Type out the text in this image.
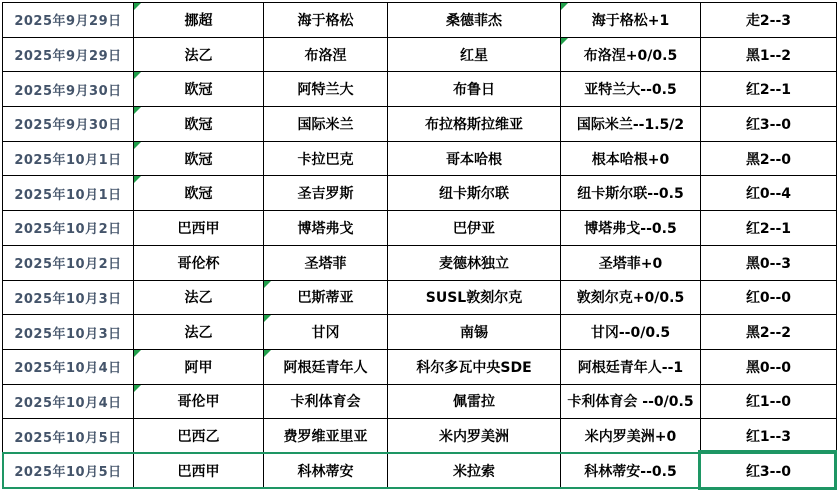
2025年9月29日	挪超	海于格松	桑德菲杰	海于格松+1	走2--3
2025年9月29日	法乙	布洛涅	红星	布洛涅+0/0.5	黑1--2
2025年9月30日	欧冠	阿特兰大	布鲁日	亚特兰大--0.5	红2--1
2025年9月30日	欧冠	国际米兰	布拉格斯拉维亚	国际米兰--1.5/2	红3--0
2025年10月1日	欧冠	卡拉巴克	哥本哈根	根本哈根+0	黑2--0
2025年10月1日	欧冠	圣吉罗斯	纽卡斯尔联	纽卡斯尔联--0.5	红0--4
2025年10月2日	巴西甲	博塔弗戈	巴伊亚	博塔弗戈--0.5	红2--1
2025年10月2日	哥伦杯	圣塔菲	麦德林独立	圣塔菲+0	黑0--3
2025年10月3日	法乙	巴斯蒂亚	SUSL敦刻尔克	敦刻尔克+0/0.5	红0--0
2025年10月3日	法乙	甘冈	南锡	甘冈--0/0.5	黑2--2
2025年10月4日	阿甲	阿根廷青年人	科尔多瓦中央SDE	阿根廷青年人--1	黑0--0
2025年10月4日	哥伦甲	卡利体育会	佩雷拉	卡利体育会 --0/0.5	红1--0
2025年10月5日	巴西乙	费罗维亚里亚	米内罗美洲	米内罗美洲+0	红1--3
2025年10月5日	巴西甲	科林蒂安	米拉索	科林蒂安--0.5	红3--0
